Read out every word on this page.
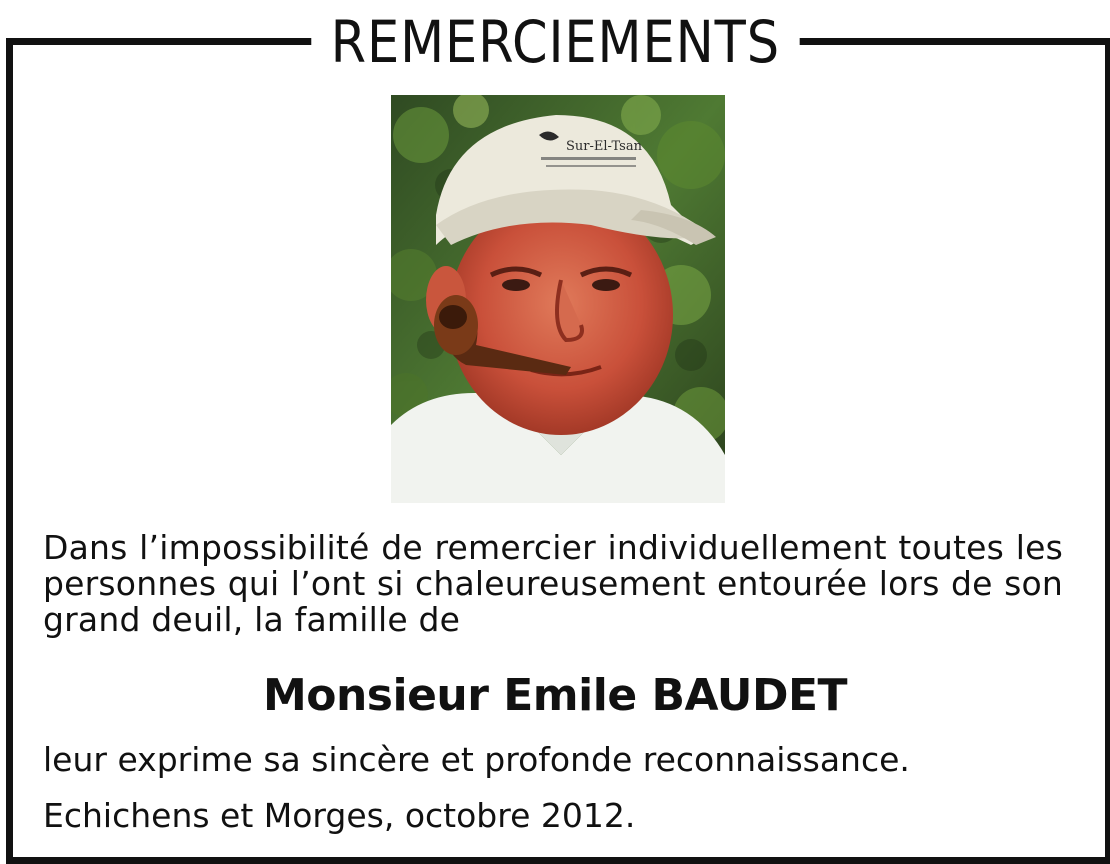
REMERCIEMENTS
Sur-El-Tsan
Dans l’impossibilité de remercier individuellement toutes les personnes qui l’ont si chaleureusement entourée lors de son grand deuil, la famille de
Monsieur Emile BAUDET
leur exprime sa sincère et profonde reconnaissance.
Echichens et Morges, octobre 2012.
